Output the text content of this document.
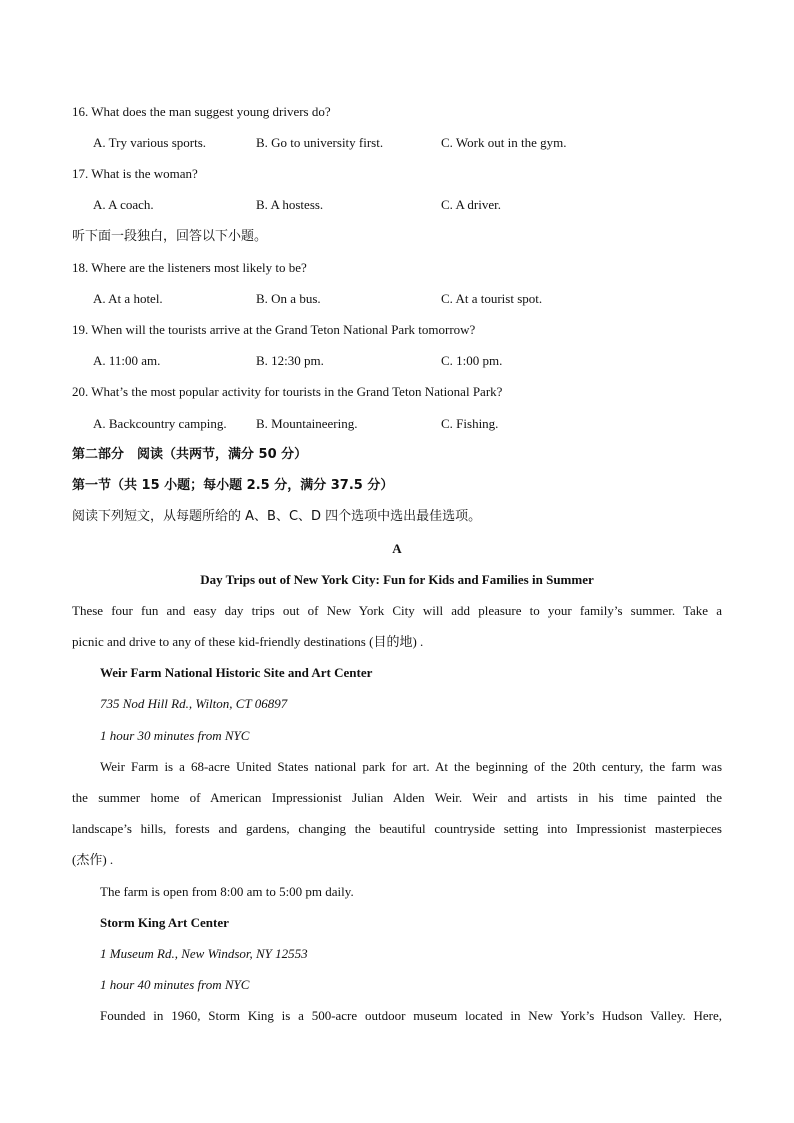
16. What does the man suggest young drivers do?
A. Try various sports.	B. Go to university first.	C. Work out in the gym.
17. What is the woman?
A. A coach.	B. A hostess.	C. A driver.
听下面一段独白，回答以下小题。
18. Where are the listeners most likely to be?
A. At a hotel.	B. On a bus.	C. At a tourist spot.
19. When will the tourists arrive at the Grand Teton National Park tomorrow?
A. 11:00 am.	B. 12:30 pm.	C. 1:00 pm.
20. What’s the most popular activity for tourists in the Grand Teton National Park?
A. Backcountry camping. B. Mountaineering.	C. Fishing.
第二部分　阅读（共两节，满分 50 分）
第一节（共 15 小题；每小题 2.5 分，满分 37.5 分）
阅读下列短文，从每题所给的 A、B、C、D 四个选项中选出最佳选项。
A
Day Trips out of New York City: Fun for Kids and Families in Summer
These four fun and easy day trips out of New York City will add pleasure to your family’s summer. Take a
picnic and drive to any of these kid-friendly destinations (目的地) .
Weir Farm National Historic Site and Art Center
735 Nod Hill Rd., Wilton, CT 06897
1 hour 30 minutes from NYC
Weir Farm is a 68-acre United States national park for art. At the beginning of the 20th century, the farm was
the summer home of American Impressionist Julian Alden Weir. Weir and artists in his time painted the
landscape’s hills, forests and gardens, changing the beautiful countryside setting into Impressionist masterpieces
(杰作) .
The farm is open from 8:00 am to 5:00 pm daily.
Storm King Art Center
1 Museum Rd., New Windsor, NY 12553
1 hour 40 minutes from NYC
Founded in 1960, Storm King is a 500-acre outdoor museum located in New York’s Hudson Valley. Here,
